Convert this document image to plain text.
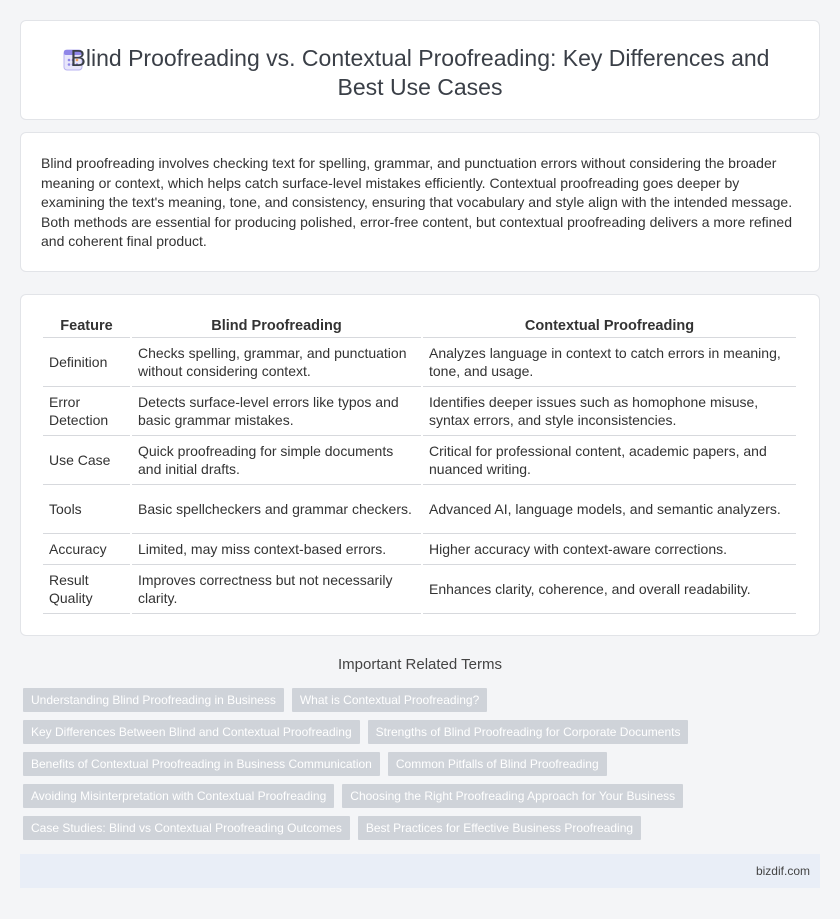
Blind Proofreading vs. Contextual Proofreading: Key Differences and Best Use Cases

Blind proofreading involves checking text for spelling, grammar, and punctuation errors without considering the broader meaning or context, which helps catch surface-level mistakes efficiently. Contextual proofreading goes deeper by examining the text's meaning, tone, and consistency, ensuring that vocabulary and style align with the intended message. Both methods are essential for producing polished, error-free content, but contextual proofreading delivers a more refined and coherent final product.

Feature	Blind Proofreading	Contextual Proofreading
Definition	Checks spelling, grammar, and punctuation without considering context.	Analyzes language in context to catch errors in meaning, tone, and usage.
Error Detection	Detects surface-level errors like typos and basic grammar mistakes.	Identifies deeper issues such as homophone misuse, syntax errors, and style inconsistencies.
Use Case	Quick proofreading for simple documents and initial drafts.	Critical for professional content, academic papers, and nuanced writing.
Tools	Basic spellcheckers and grammar checkers.	Advanced AI, language models, and semantic analyzers.
Accuracy	Limited, may miss context-based errors.	Higher accuracy with context-aware corrections.
Result Quality	Improves correctness but not necessarily clarity.	Enhances clarity, coherence, and overall readability.
Important Related Terms
Understanding Blind Proofreading in Business	What is Contextual Proofreading?
Key Differences Between Blind and Contextual Proofreading	Strengths of Blind Proofreading for Corporate Documents
Benefits of Contextual Proofreading in Business Communication	Common Pitfalls of Blind Proofreading
Avoiding Misinterpretation with Contextual Proofreading	Choosing the Right Proofreading Approach for Your Business
Case Studies: Blind vs Contextual Proofreading Outcomes	Best Practices for Effective Business Proofreading
bizdif.com
